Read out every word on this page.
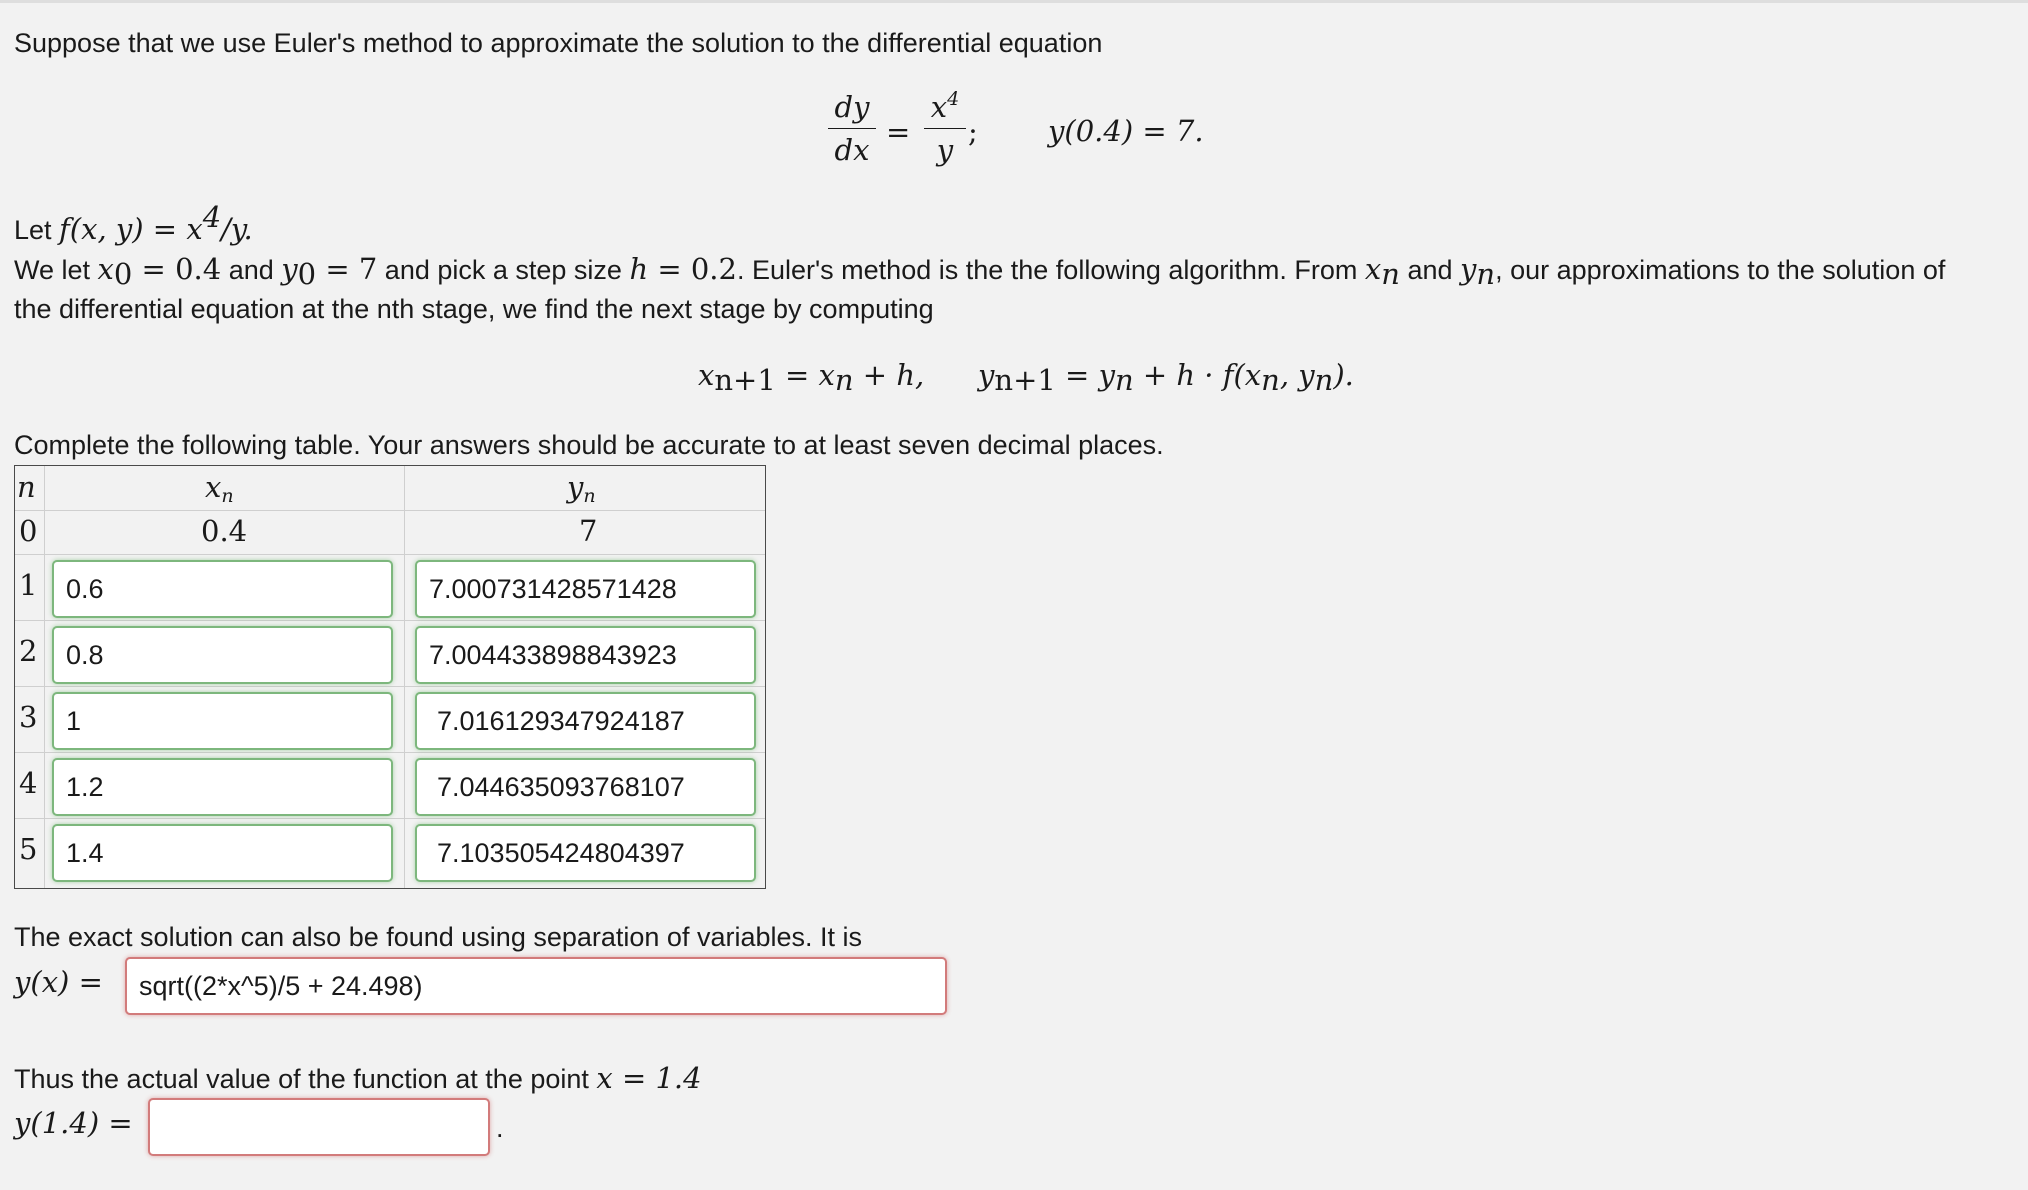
Suppose that we use Euler's method to approximate the solution to the differential equation
dy
dx
=
$x^4$
y
; y(0.4) = 7.
Let f(x, $y) = x^4/y$.
We let $x_0 = 0.4$ and $y_0 = 7$ and pick a step size h = 0.2. Euler's method is the the following algorithm. From $x_n$ and $y_n$, our approximations to the solution of
the differential equation at the nth stage, we find the next stage by computing
$x_{n+1} = x_n + h$, $y_{n+1} = y_n + h \cdot f(x_n$, $y_n$).
Complete the following table. Your answers should be accurate to at least seven decimal places.
n	$x_n$	$y_n$
0	0.4	7
1	0.6	7.000731428571428
2	0.8	7.004433898843923
3	1	7.016129347924187
4	1.2	7.044635093768107
5	1.4	7.103505424804397
The exact solution can also be found using separation of variables. It is
y(x) =	sqrt((2*x^5)/5 + 24.498)
Thus the actual value of the function at the point x = 1.4
y(1.4) =	.
